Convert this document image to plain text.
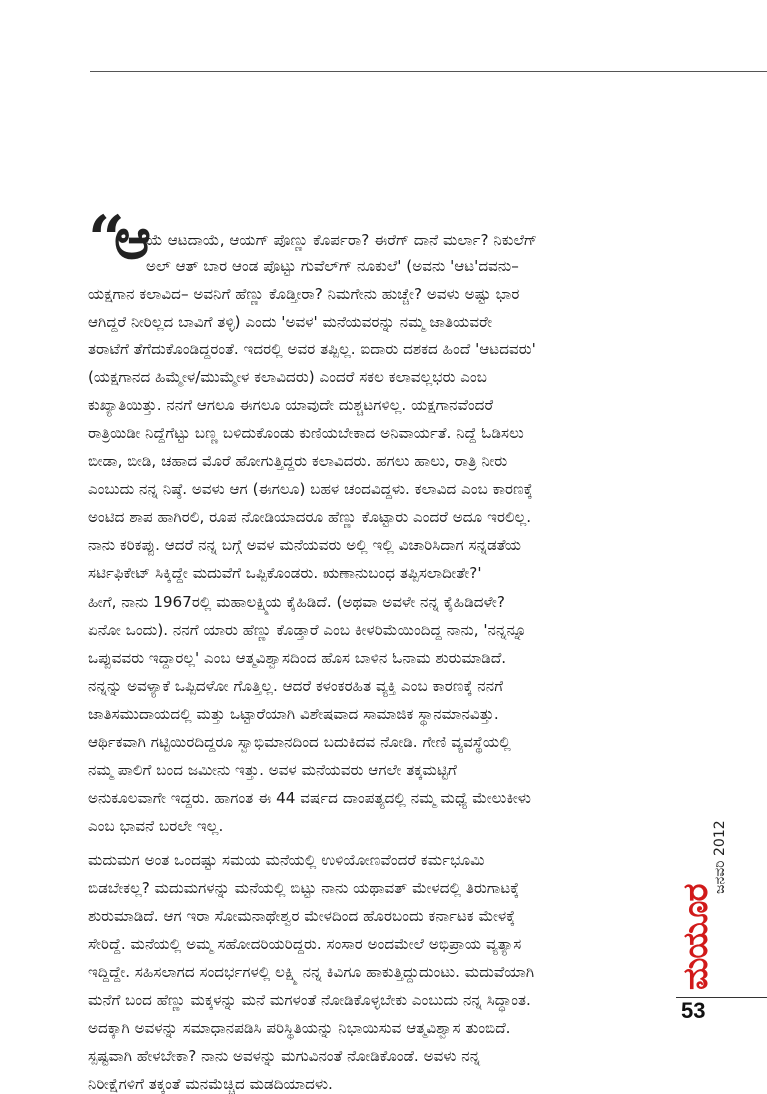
“
ಆ
ಯೆ ಆಟದಾಯೆ, ಆಯಗ್ ಪೊಣ್ಣು ಕೊರ್ಪರಾ? ಈರೆಗ್ ದಾನೆ ಮರ್ಲಾ? ನಿಕುಲೆಗ್
ಅಲ್ ಆತ್ ಬಾರ ಆಂಡ ಪೊಟ್ಟು ಗುವೆಲ್‌ಗ್ ನೂಕುಲೆ' (ಅವನು 'ಆಟ'ದವನು–
ಯಕ್ಷಗಾನ ಕಲಾವಿದ– ಅವನಿಗೆ ಹೆಣ್ಣು ಕೊಡ್ತೀರಾ? ನಿಮಗೇನು ಹುಚ್ಚೇ? ಅವಳು ಅಷ್ಟು ಭಾರ
ಆಗಿದ್ದರೆ ನೀರಿಲ್ಲದ ಬಾವಿಗೆ ತಳ್ಳಿ) ಎಂದು 'ಅವಳ' ಮನೆಯವರನ್ನು ನಮ್ಮ ಜಾತಿಯವರೇ
ತರಾಟೆಗೆ ತೆಗೆದುಕೊಂಡಿದ್ದರಂತೆ. ಇದರಲ್ಲಿ ಅವರ ತಪ್ಪಿಲ್ಲ. ಐದಾರು ದಶಕದ ಹಿಂದೆ 'ಆಟದವರು'
(ಯಕ್ಷಗಾನದ ಹಿಮ್ಮೇಳ/ಮುಮ್ಮೇಳ ಕಲಾವಿದರು) ಎಂದರೆ ಸಕಲ ಕಲಾವಲ್ಲಭರು ಎಂಬ
ಕುಖ್ಯಾತಿಯಿತ್ತು. ನನಗೆ ಆಗಲೂ ಈಗಲೂ ಯಾವುದೇ ದುಶ್ಚಟಗಳಿಲ್ಲ. ಯಕ್ಷಗಾನವೆಂದರೆ
ರಾತ್ರಿಯಿಡೀ ನಿದ್ದೆಗೆಟ್ಟು ಬಣ್ಣ ಬಳಿದುಕೊಂಡು ಕುಣಿಯಬೇಕಾದ ಅನಿವಾರ್ಯತೆ. ನಿದ್ದೆ ಓಡಿಸಲು
ಬೀಡಾ, ಬೀಡಿ, ಚಹಾದ ಮೊರೆ ಹೋಗುತ್ತಿದ್ದರು ಕಲಾವಿದರು. ಹಗಲು ಹಾಲು, ರಾತ್ರಿ ನೀರು
ಎಂಬುದು ನನ್ನ ನಿಷ್ಠೆ. ಅವಳು ಆಗ (ಈಗಲೂ) ಬಹಳ ಚಂದವಿದ್ದಳು. ಕಲಾವಿದ ಎಂಬ ಕಾರಣಕ್ಕೆ
ಅಂಟಿದ ಶಾಪ ಹಾಗಿರಲಿ, ರೂಪ ನೋಡಿಯಾದರೂ ಹೆಣ್ಣು ಕೊಟ್ಟಾರು ಎಂದರೆ ಅದೂ ಇರಲಿಲ್ಲ.
ನಾನು ಕರಿಕಪ್ಪು. ಆದರೆ ನನ್ನ ಬಗ್ಗೆ ಅವಳ ಮನೆಯವರು ಅಲ್ಲಿ ಇಲ್ಲಿ ವಿಚಾರಿಸಿದಾಗ ಸನ್ನಡತೆಯ
ಸರ್ಟಿಫಿಕೇಟ್ ಸಿಕ್ಕಿದ್ದೇ ಮದುವೆಗೆ ಒಪ್ಪಿಕೊಂಡರು. ಋಣಾನುಬಂಧ ತಪ್ಪಿಸಲಾದೀತೇ?'
ಹೀಗೆ, ನಾನು 1967ರಲ್ಲಿ ಮಹಾಲಕ್ಷ್ಮಿಯ ಕೈಹಿಡಿದೆ. (ಅಥವಾ ಅವಳೇ ನನ್ನ ಕೈಹಿಡಿದಳೇ?
ಏನೋ ಒಂದು). ನನಗೆ ಯಾರು ಹೆಣ್ಣು ಕೊಡ್ತಾರೆ ಎಂಬ ಕೀಳರಿಮೆಯಿಂದಿದ್ದ ನಾನು, 'ನನ್ನನ್ನೂ
ಒಪ್ಪುವವರು ಇದ್ದಾರಲ್ಲ' ಎಂಬ ಆತ್ಮವಿಶ್ವಾಸದಿಂದ ಹೊಸ ಬಾಳಿನ ಓನಾಮ ಶುರುಮಾಡಿದೆ.
ನನ್ನನ್ನು ಅವಳ್ಯಾಕೆ ಒಪ್ಪಿದಳೋ ಗೊತ್ತಿಲ್ಲ. ಆದರೆ ಕಳಂಕರಹಿತ ವ್ಯಕ್ತಿ ಎಂಬ ಕಾರಣಕ್ಕೆ ನನಗೆ
ಜಾತಿಸಮುದಾಯದಲ್ಲಿ ಮತ್ತು ಒಟ್ಟಾರೆಯಾಗಿ ವಿಶೇಷವಾದ ಸಾಮಾಜಿಕ ಸ್ಥಾನಮಾನವಿತ್ತು.
ಆರ್ಥಿಕವಾಗಿ ಗಟ್ಟಿಯಿರದಿದ್ದರೂ ಸ್ವಾಭಿಮಾನದಿಂದ ಬದುಕಿದವ ನೋಡಿ. ಗೇಣಿ ವ್ಯವಸ್ಥೆಯಲ್ಲಿ
ನಮ್ಮ ಪಾಲಿಗೆ ಬಂದ ಜಮೀನು ಇತ್ತು. ಅವಳ ಮನೆಯವರು ಆಗಲೇ ತಕ್ಕಮಟ್ಟಿಗೆ
ಅನುಕೂಲವಾಗೇ ಇದ್ದರು. ಹಾಗಂತ ಈ 44 ವರ್ಷದ ದಾಂಪತ್ಯದಲ್ಲಿ ನಮ್ಮ ಮಧ್ಯೆ ಮೇಲುಕೀಳು
ಎಂಬ ಭಾವನೆ ಬರಲೇ ಇಲ್ಲ.
ಮದುಮಗ ಅಂತ ಒಂದಷ್ಟು ಸಮಯ ಮನೆಯಲ್ಲಿ ಉಳಿಯೋಣವೆಂದರೆ ಕರ್ಮಭೂಮಿ
ಬಿಡಬೇಕಲ್ಲ? ಮದುಮಗಳನ್ನು ಮನೆಯಲ್ಲಿ ಬಿಟ್ಟು ನಾನು ಯಥಾವತ್ ಮೇಳದಲ್ಲಿ ತಿರುಗಾಟಕ್ಕೆ
ಶುರುಮಾಡಿದೆ. ಆಗ ಇರಾ ಸೋಮನಾಥೇಶ್ವರ ಮೇಳದಿಂದ ಹೊರಬಂದು ಕರ್ನಾಟಕ ಮೇಳಕ್ಕೆ
ಸೇರಿದ್ದೆ. ಮನೆಯಲ್ಲಿ ಅಮ್ಮ ಸಹೋದರಿಯರಿದ್ದರು. ಸಂಸಾರ ಅಂದಮೇಲೆ ಅಭಿಪ್ರಾಯ ವ್ಯತ್ಯಾಸ
ಇದ್ದಿದ್ದೇ. ಸಹಿಸಲಾಗದ ಸಂದರ್ಭಗಳಲ್ಲಿ ಲಕ್ಷ್ಮಿ ನನ್ನ ಕಿವಿಗೂ ಹಾಕುತ್ತಿದ್ದುದುಂಟು. ಮದುವೆಯಾಗಿ
ಮನೆಗೆ ಬಂದ ಹೆಣ್ಣು ಮಕ್ಕಳನ್ನು ಮನೆ ಮಗಳಂತೆ ನೋಡಿಕೊಳ್ಳಬೇಕು ಎಂಬುದು ನನ್ನ ಸಿದ್ಧಾಂತ.
ಅದಕ್ಕಾಗಿ ಅವಳನ್ನು ಸಮಾಧಾನಪಡಿಸಿ ಪರಿಸ್ಥಿತಿಯನ್ನು ನಿಭಾಯಿಸುವ ಆತ್ಮವಿಶ್ವಾಸ ತುಂಬಿದೆ.
ಸ್ಪಷ್ಟವಾಗಿ ಹೇಳಬೇಕಾ? ನಾನು ಅವಳನ್ನು ಮಗುವಿನಂತೆ ನೋಡಿಕೊಂಡೆ. ಅವಳು ನನ್ನ
ನಿರೀಕ್ಷೆಗಳಿಗೆ ತಕ್ಕಂತೆ ಮನಮೆಚ್ಚಿದ ಮಡದಿಯಾದಳು.
ಮಯೂರ
ಜನವರಿ 2012
53
